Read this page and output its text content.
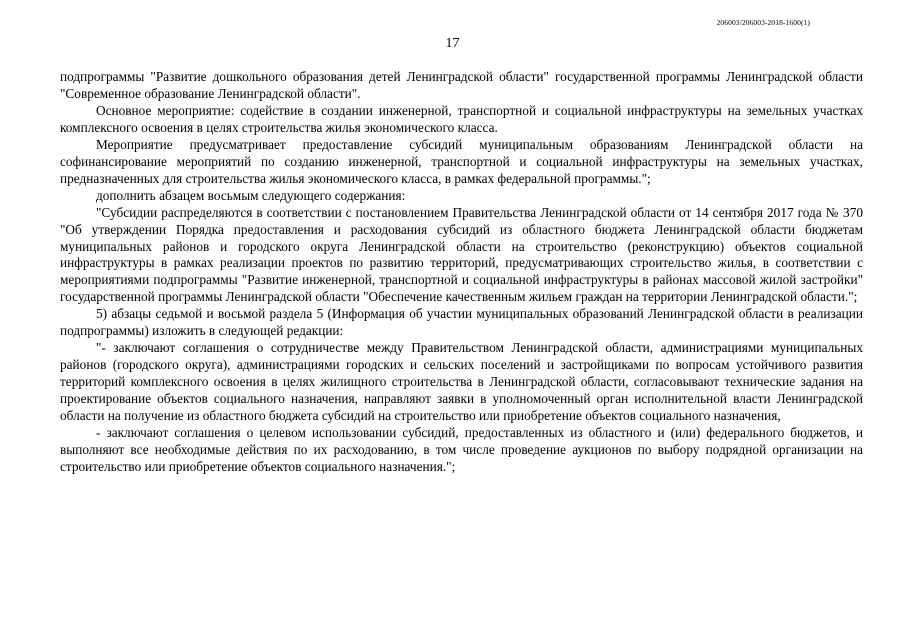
206003/206003-2018-1600(1)
17

подпрограммы "Развитие дошкольного образования детей Ленинградской области" государственной программы Ленинградской области "Современное образование Ленинградской области".

Основное мероприятие: содействие в создании инженерной, транспортной и социальной инфраструктуры на земельных участках комплексного освоения в целях строительства жилья экономического класса.

Мероприятие предусматривает предоставление субсидий муниципальным образованиям Ленинградской области на софинансирование мероприятий по созданию инженерной, транспортной и социальной инфраструктуры на земельных участках, предназначенных для строительства жилья экономического класса, в рамках федеральной программы.";

дополнить абзацем восьмым следующего содержания:

"Субсидии распределяются в соответствии с постановлением Правительства Ленинградской области от 14 сентября 2017 года № 370 "Об утверждении Порядка предоставления и расходования субсидий из областного бюджета Ленинградской области бюджетам муниципальных районов и городского округа Ленинградской области на строительство (реконструкцию) объектов социальной инфраструктуры в рамках реализации проектов по развитию территорий, предусматривающих строительство жилья, в соответствии с мероприятиями подпрограммы "Развитие инженерной, транспортной и социальной инфраструктуры в районах массовой жилой застройки" государственной программы Ленинградской области "Обеспечение качественным жильем граждан на территории Ленинградской области.";

5) абзацы седьмой и восьмой раздела 5 (Информация об участии муниципальных образований Ленинградской области в реализации подпрограммы) изложить в следующей редакции:

"- заключают соглашения о сотрудничестве между Правительством Ленинградской области, администрациями муниципальных районов (городского округа), администрациями городских и сельских поселений и застройщиками по вопросам устойчивого развития территорий комплексного освоения в целях жилищного строительства в Ленинградской области, согласовывают технические задания на проектирование объектов социального назначения, направляют заявки в уполномоченный орган исполнительной власти Ленинградской области на получение из областного бюджета субсидий на строительство или приобретение объектов социального назначения,

- заключают соглашения о целевом использовании субсидий, предоставленных из областного и (или) федерального бюджетов, и выполняют все необходимые действия по их расходованию, в том числе проведение аукционов по выбору подрядной организации на строительство или приобретение объектов социального назначения.";
